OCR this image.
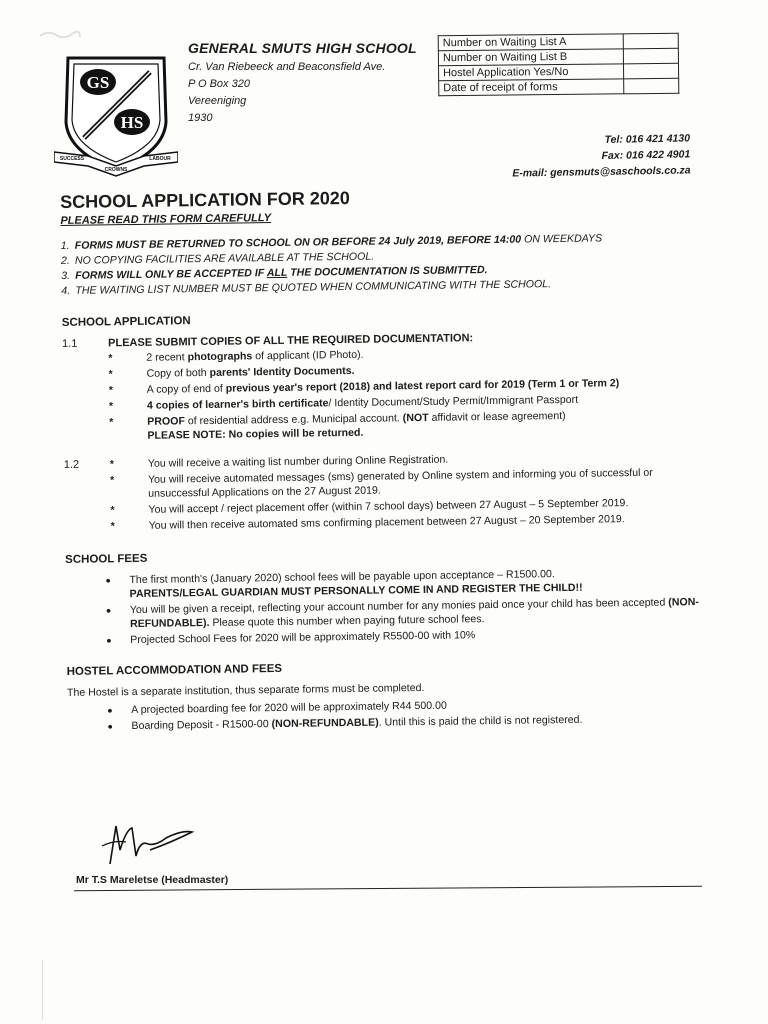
GS
HS
SUCCESS
CROWNS
LABOUR
GENERAL SMUTS HIGH SCHOOL
Cr. Van Riebeeck and Beaconsfield Ave.
P O Box 320
Vereeniging
1930
Number on Waiting List A	
Number on Waiting List B	
Hostel Application Yes/No	
Date of receipt of forms	
Tel: 016 421 4130
Fax: 016 422 4901
E-mail: gensmuts@saschools.co.za
SCHOOL APPLICATION FOR 2020
PLEASE READ THIS FORM CAREFULLY
1. FORMS MUST BE RETURNED TO SCHOOL ON OR BEFORE 24 July 2019, BEFORE 14:00 ON WEEKDAYS
2. NO COPYING FACILITIES ARE AVAILABLE AT THE SCHOOL.
3. FORMS WILL ONLY BE ACCEPTED IF ALL THE DOCUMENTATION IS SUBMITTED.
4. THE WAITING LIST NUMBER MUST BE QUOTED WHEN COMMUNICATING WITH THE SCHOOL.
SCHOOL APPLICATION
1.1	PLEASE SUBMIT COPIES OF ALL THE REQUIRED DOCUMENTATION:
*	2 recent photographs of applicant (ID Photo).
*	Copy of both parents' Identity Documents.
*	A copy of end of previous year's report (2018) and latest report card for 2019 (Term 1 or Term 2)
*	4 copies of learner's birth certificate/ Identity Document/Study Permit/Immigrant Passport
*	PROOF of residential address e.g. Municipal account. (NOT affidavit or lease agreement)
PLEASE NOTE: No copies will be returned.
1.2	*	You will receive a waiting list number during Online Registration.
*	You will receive automated messages (sms) generated by Online system and informing you of successful or unsuccessful Applications on the 27 August 2019.
*	You will accept / reject placement offer (within 7 school days) between 27 August – 5 September 2019.
*	You will then receive automated sms confirming placement between 27 August – 20 September 2019.
SCHOOL FEES
●	The first month's (January 2020) school fees will be payable upon acceptance – R1500.00.
PARENTS/LEGAL GUARDIAN MUST PERSONALLY COME IN AND REGISTER THE CHILD!!
●	You will be given a receipt, reflecting your account number for any monies paid once your child has been accepted (NON-REFUNDABLE). Please quote this number when paying future school fees.
●	Projected School Fees for 2020 will be approximately R5500-00 with 10%
HOSTEL ACCOMMODATION AND FEES

The Hostel is a separate institution, thus separate forms must be completed.

●	A projected boarding fee for 2020 will be approximately R44 500.00
●	Boarding Deposit - R1500-00 (NON-REFUNDABLE). Until this is paid the child is not registered.
Mr T.S Mareletse (Headmaster)
